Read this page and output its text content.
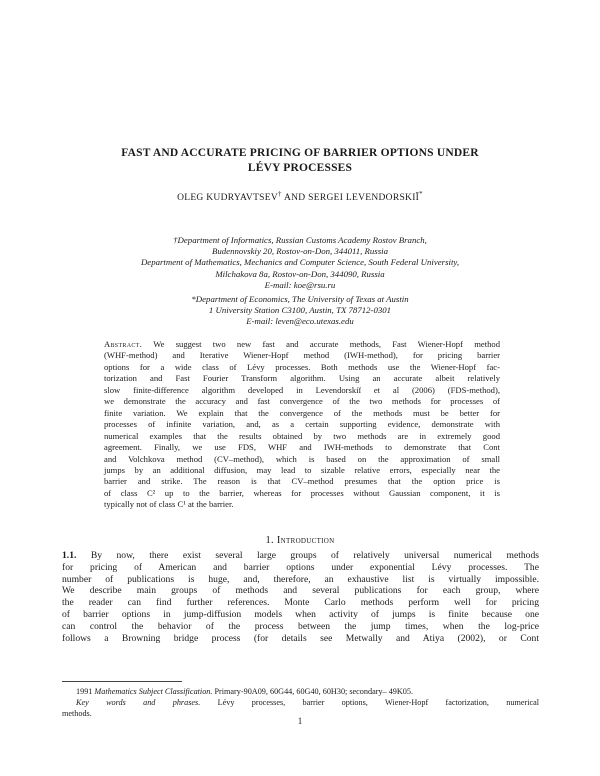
FAST AND ACCURATE PRICING OF BARRIER OPTIONS UNDER
LÉVY PROCESSES
OLEG KUDRYAVTSEV† AND SERGEI LEVENDORSKIĬ*
†Department of Informatics, Russian Customs Academy Rostov Branch,
Budennovskiy 20, Rostov-on-Don, 344011, Russia
Department of Mathematics, Mechanics and Computer Science, South Federal University,
Milchakova 8a, Rostov-on-Don, 344090, Russia
E-mail: koe@rsu.ru
*Department of Economics, The University of Texas at Austin
1 University Station C3100, Austin, TX 78712-0301
E-mail: leven@eco.utexas.edu
Abstract. We suggest two new fast and accurate methods, Fast Wiener-Hopf method
(WHF-method) and Iterative Wiener-Hopf method (IWH-method), for pricing barrier
options for a wide class of Lévy processes. Both methods use the Wiener-Hopf fac-
torization and Fast Fourier Transform algorithm. Using an accurate albeit relatively
slow finite-difference algorithm developed in Levendorskiĭ et al (2006) (FDS-method),
we demonstrate the accuracy and fast convergence of the two methods for processes of
finite variation. We explain that the convergence of the methods must be better for
processes of infinite variation, and, as a certain supporting evidence, demonstrate with
numerical examples that the results obtained by two methods are in extremely good
agreement. Finally, we use FDS, WHF and IWH-methods to demonstrate that Cont
and Volchkova method (CV–method), which is based on the approximation of small
jumps by an additional diffusion, may lead to sizable relative errors, especially near the
barrier and strike. The reason is that CV–method presumes that the option price is
of class C² up to the barrier, whereas for processes without Gaussian component, it is
typically not of class C¹ at the barrier.
1. Introduction
1.1. By now, there exist several large groups of relatively universal numerical methods
for pricing of American and barrier options under exponential Lévy processes. The
number of publications is huge, and, therefore, an exhaustive list is virtually impossible.
We describe main groups of methods and several publications for each group, where
the reader can find further references. Monte Carlo methods perform well for pricing
of barrier options in jump-diffusion models when activity of jumps is finite because one
can control the behavior of the process between the jump times, when the log-price
follows a Browning bridge process (for details see Metwally and Atiya (2002), or Cont
1991 Mathematics Subject Classification. Primary-90A09, 60G44, 60G40, 60H30; secondary– 49K05.
Key words and phrases. Lévy processes, barrier options, Wiener-Hopf factorization, numerical
methods.
1
